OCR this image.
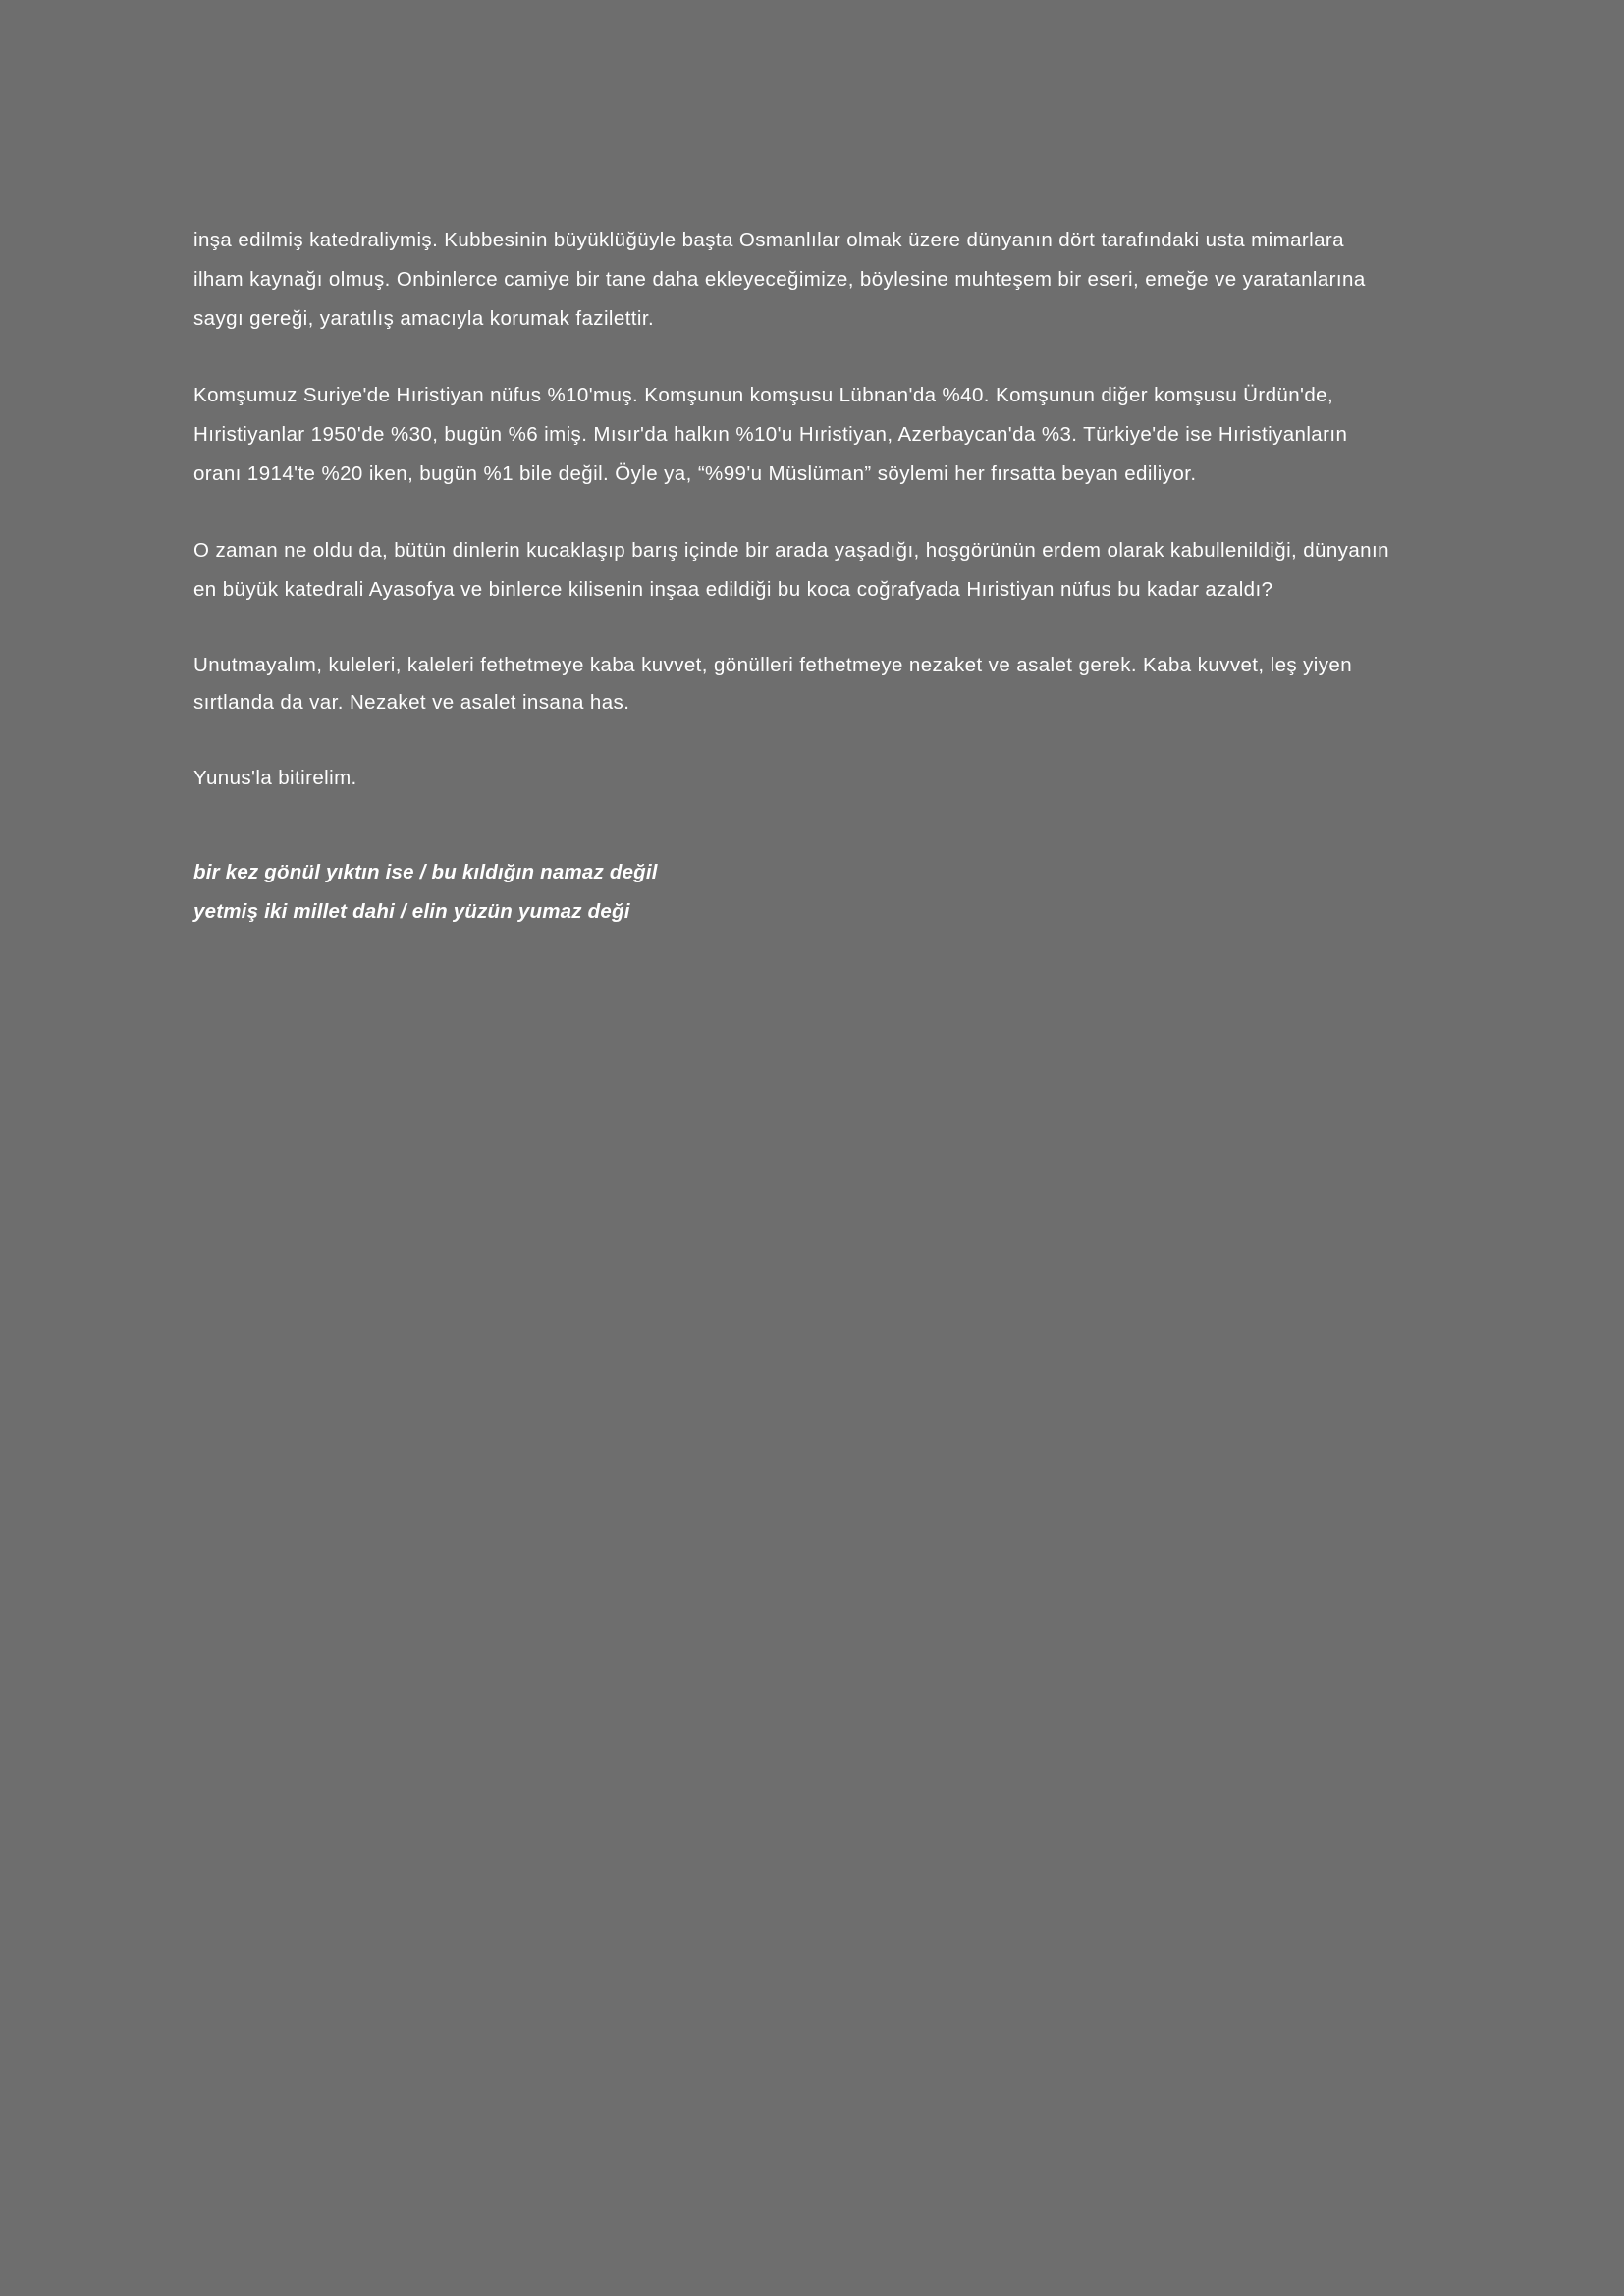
inşa edilmiş katedraliymiş. Kubbesinin büyüklüğüyle başta Osmanlılar olmak üzere dünyanın dört tarafındaki usta mimarlara ilham kaynağı olmuş. Onbinlerce camiye bir tane daha ekleyeceğimize, böylesine muhteşem bir eseri, emeğe ve yaratanlarına saygı gereği, yaratılış amacıyla korumak fazilettir.

Komşumuz Suriye'de Hıristiyan nüfus %10'muş. Komşunun komşusu Lübnan'da %40. Komşunun diğer komşusu Ürdün'de, Hıristiyanlar 1950'de %30, bugün %6 imiş. Mısır'da halkın %10'u Hıristiyan, Azerbaycan'da %3. Türkiye'de ise Hıristiyanların oranı 1914'te %20 iken, bugün %1 bile değil. Öyle ya, “%99'u Müslüman” söylemi her fırsatta beyan ediliyor.

O zaman ne oldu da, bütün dinlerin kucaklaşıp barış içinde bir arada yaşadığı, hoşgörünün erdem olarak kabullenildiği, dünyanın en büyük katedrali Ayasofya ve binlerce kilisenin inşaa edildiği bu koca coğrafyada Hıristiyan nüfus bu kadar azaldı?

Unutmayalım, kuleleri, kaleleri fethetmeye kaba kuvvet, gönülleri fethetmeye nezaket ve asalet gerek. Kaba kuvvet, leş yiyen sırtlanda da var. Nezaket ve asalet insana has.

Yunus'la bitirelim.

bir kez gönül yıktın ise / bu kıldığın namaz değil

yetmiş iki millet dahi / elin yüzün yumaz deği
